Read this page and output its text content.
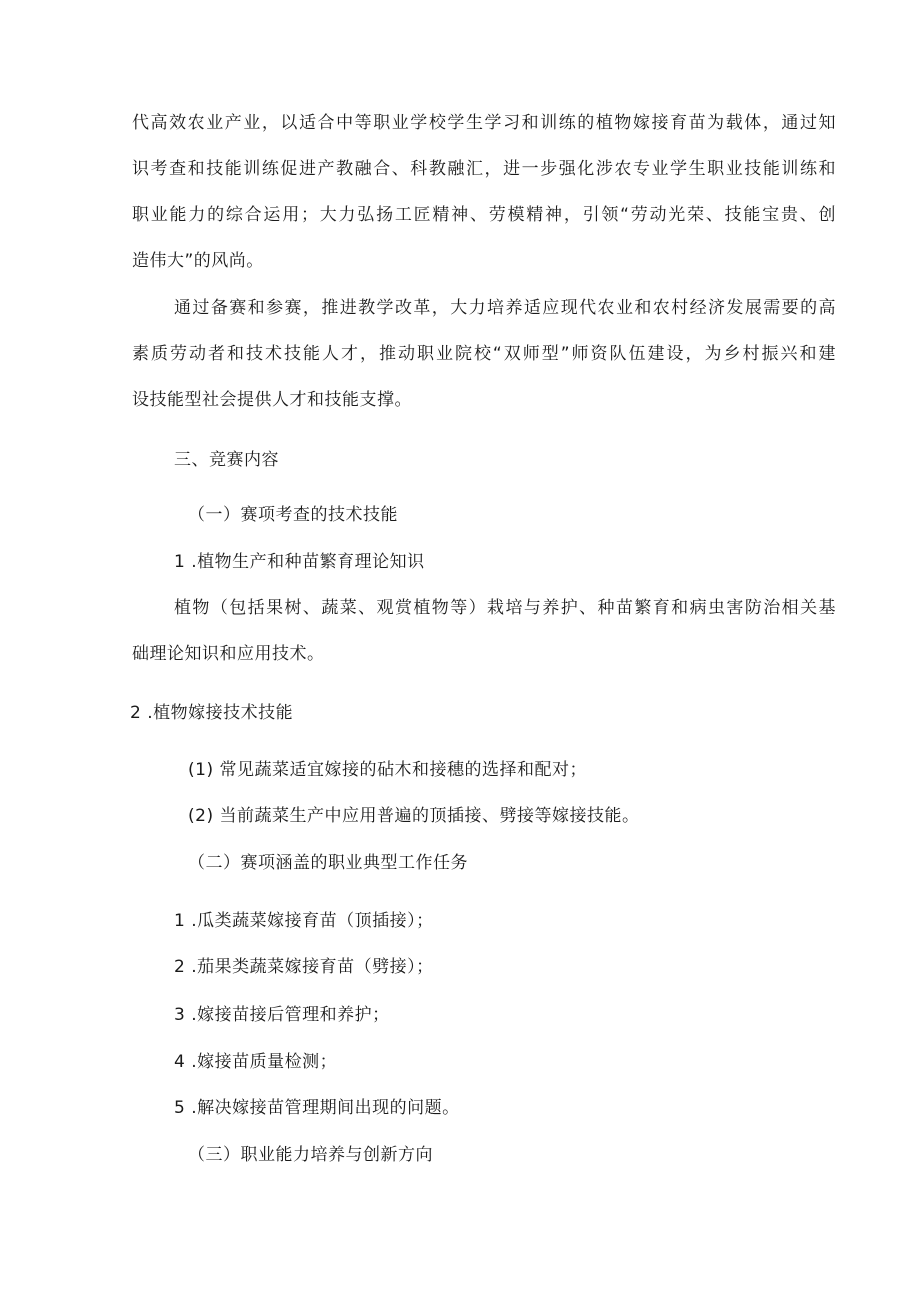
代高效农业产业，以适合中等职业学校学生学习和训练的植物嫁接育苗为载体，通过知
识考查和技能训练促进产教融合、科教融汇，进一步强化涉农专业学生职业技能训练和
职业能力的综合运用；大力弘扬工匠精神、劳模精神，引领“劳动光荣、技能宝贵、创
造伟大”的风尚。
通过备赛和参赛，推进教学改革，大力培养适应现代农业和农村经济发展需要的高
素质劳动者和技术技能人才，推动职业院校“双师型”师资队伍建设，为乡村振兴和建
设技能型社会提供人才和技能支撑。
三、竞赛内容
（一）赛项考查的技术技能
1 .植物生产和种苗繁育理论知识
植物（包括果树、蔬菜、观赏植物等）栽培与养护、种苗繁育和病虫害防治相关基
础理论知识和应用技术。
2 .植物嫁接技术技能
(1) 常见蔬菜适宜嫁接的砧木和接穗的选择和配对；
(2) 当前蔬菜生产中应用普遍的顶插接、劈接等嫁接技能。
（二）赛项涵盖的职业典型工作任务
1 .瓜类蔬菜嫁接育苗（顶插接）；
2 .茄果类蔬菜嫁接育苗（劈接）；
3 .嫁接苗接后管理和养护；
4 .嫁接苗质量检测；
5 .解决嫁接苗管理期间出现的问题。
（三）职业能力培养与创新方向
